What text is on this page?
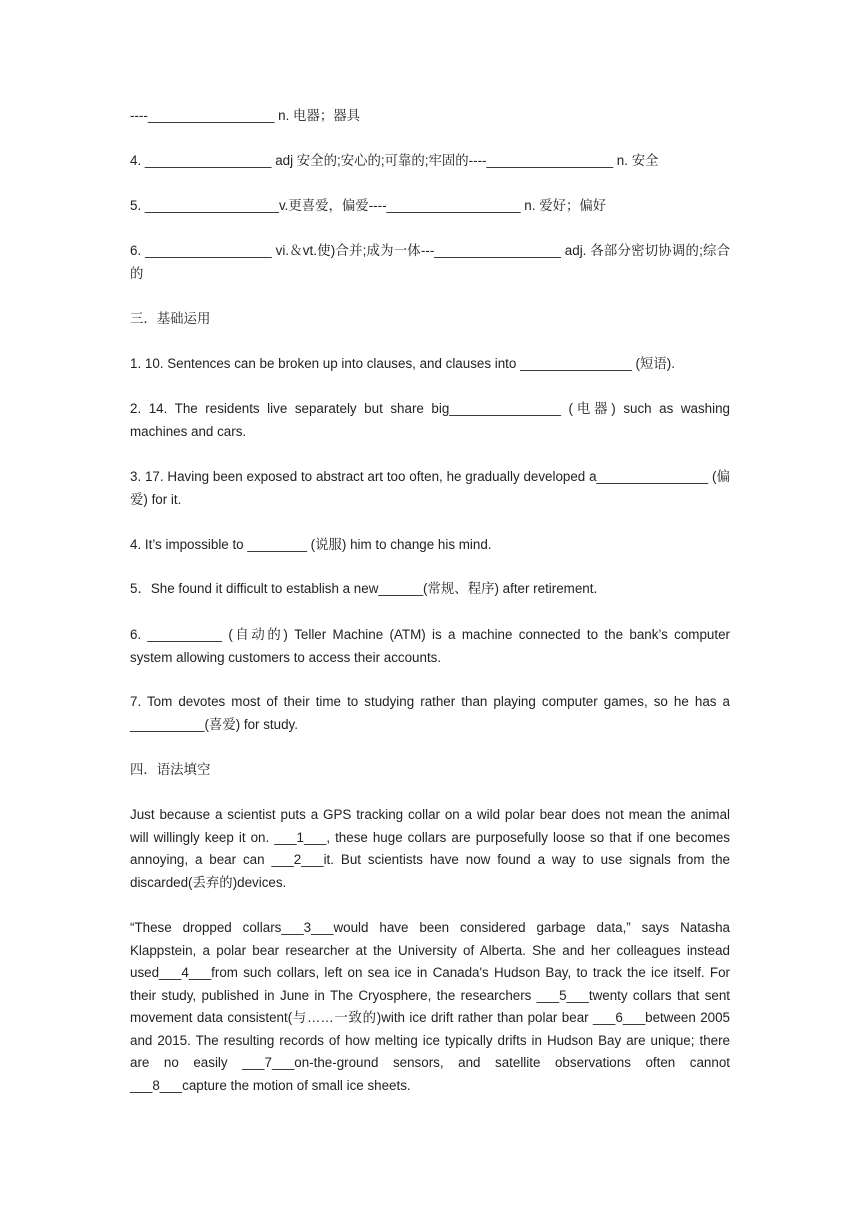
----_________________ n. 电器；器具
4. _________________ adj 安全的;安心的;可靠的;牢固的----_________________ n. 安全
5. __________________v.更喜爱，偏爱----__________________ n. 爱好；偏好
6. _________________ vi.＆vt.使)合并;成为一体---_________________ adj. 各部分密切协调的;综合的
三．基础运用
1. 10. Sentences can be broken up into clauses, and clauses into _______________ (短语).
2. 14. The residents live separately but share big_______________ (电器) such as washing machines and cars.
3. 17. Having been exposed to abstract art too often, he gradually developed a_______________ (偏爱) for it.
4. It’s impossible to ________ (说服) him to change his mind.
5．She found it difficult to establish a new______(常规、程序) after retirement.
6. __________ (自动的) Teller Machine (ATM) is a machine connected to the bank’s computer system allowing customers to access their accounts.
7. Tom devotes most of their time to studying rather than playing computer games, so he has a __________(喜爱) for study.
四．语法填空
Just because a scientist puts a GPS tracking collar on a wild polar bear does not mean the animal will willingly keep it on. ___1___, these huge collars are purposefully loose so that if one becomes annoying, a bear can ___2___it. But scientists have now found a way to use signals from the discarded(丢弃的)devices.
“These dropped collars___3___would have been considered garbage data,” says Natasha Klappstein, a polar bear researcher at the University of Alberta. She and her colleagues instead used___4___from such collars, left on sea ice in Canada's Hudson Bay, to track the ice itself. For their study, published in June in The Cryosphere, the researchers ___5___twenty collars that sent movement data consistent(与……一致的)with ice drift rather than polar bear ___6___between 2005 and 2015. The resulting records of how melting ice typically drifts in Hudson Bay are unique; there are no easily ___7___on-the-ground sensors, and satellite observations often cannot ___8___capture the motion of small ice sheets.
